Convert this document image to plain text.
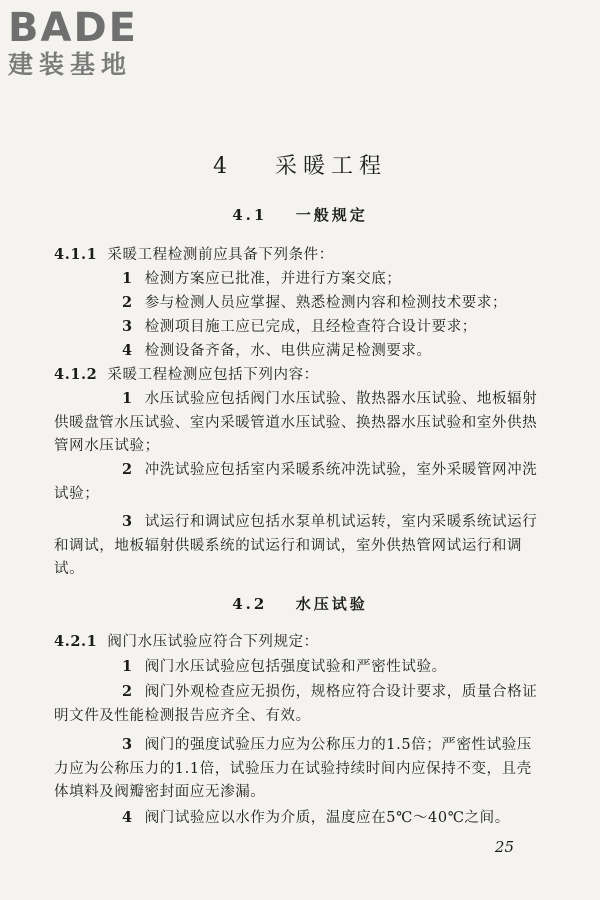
BADE
建装基地
4 采暖工程
4.1 一般规定

4.1.1 采暖工程检测前应具备下列条件：

1 检测方案应已批准，并进行方案交底；

2 参与检测人员应掌握、熟悉检测内容和检测技术要求；

3 检测项目施工应已完成，且经检查符合设计要求；

4 检测设备齐备，水、电供应满足检测要求。

4.1.2 采暖工程检测应包括下列内容：

1 水压试验应包括阀门水压试验、散热器水压试验、地板辐射供暖盘管水压试验、室内采暖管道水压试验、换热器水压试验和室外供热管网水压试验；

2 冲洗试验应包括室内采暖系统冲洗试验，室外采暖管网冲洗试验；

3 试运行和调试应包括水泵单机试运转，室内采暖系统试运行和调试，地板辐射供暖系统的试运行和调试，室外供热管网试运行和调试。

4.2 水压试验

4.2.1 阀门水压试验应符合下列规定：

1 阀门水压试验应包括强度试验和严密性试验。

2 阀门外观检查应无损伤，规格应符合设计要求，质量合格证明文件及性能检测报告应齐全、有效。

3 阀门的强度试验压力应为公称压力的1.5倍；严密性试验压力应为公称压力的1.1倍，试验压力在试验持续时间内应保持不变，且壳体填料及阀瓣密封面应无渗漏。

4 阀门试验应以水作为介质，温度应在5℃～40℃之间。

25
